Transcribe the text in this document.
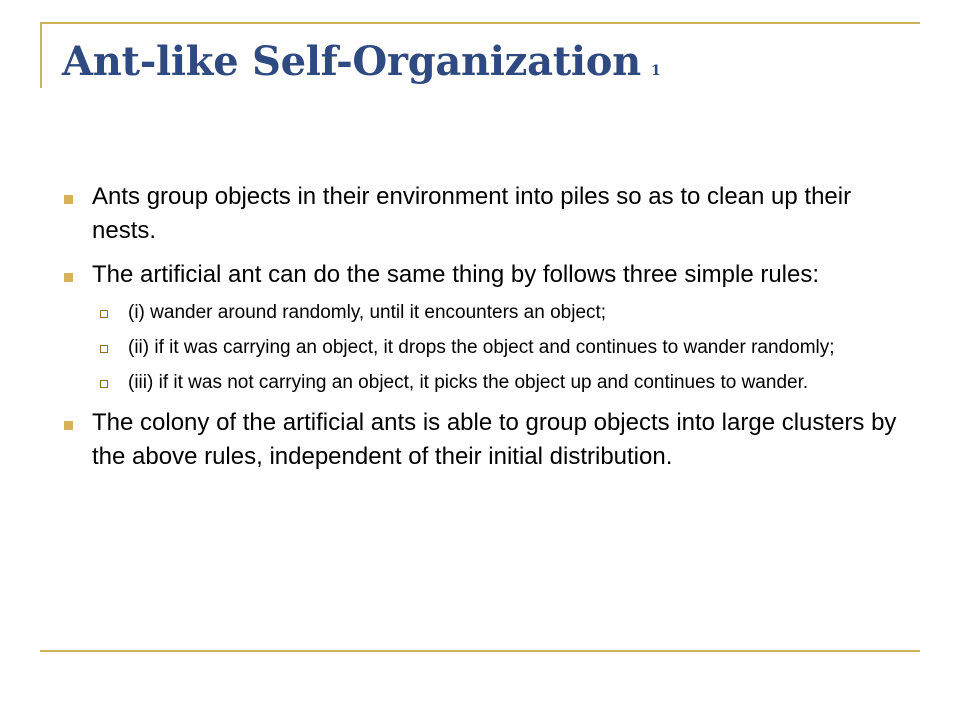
Ant-like Self-Organization 1
Ants group objects in their environment into piles so as to clean up their nests.
The artificial ant can do the same thing by follows three simple rules:
(i) wander around randomly, until it encounters an object;
(ii) if it was carrying an object, it drops the object and continues to wander randomly;
(iii) if it was not carrying an object, it picks the object up and continues to wander.
The colony of the artificial ants is able to group objects into large clusters by the above rules, independent of their initial distribution.
